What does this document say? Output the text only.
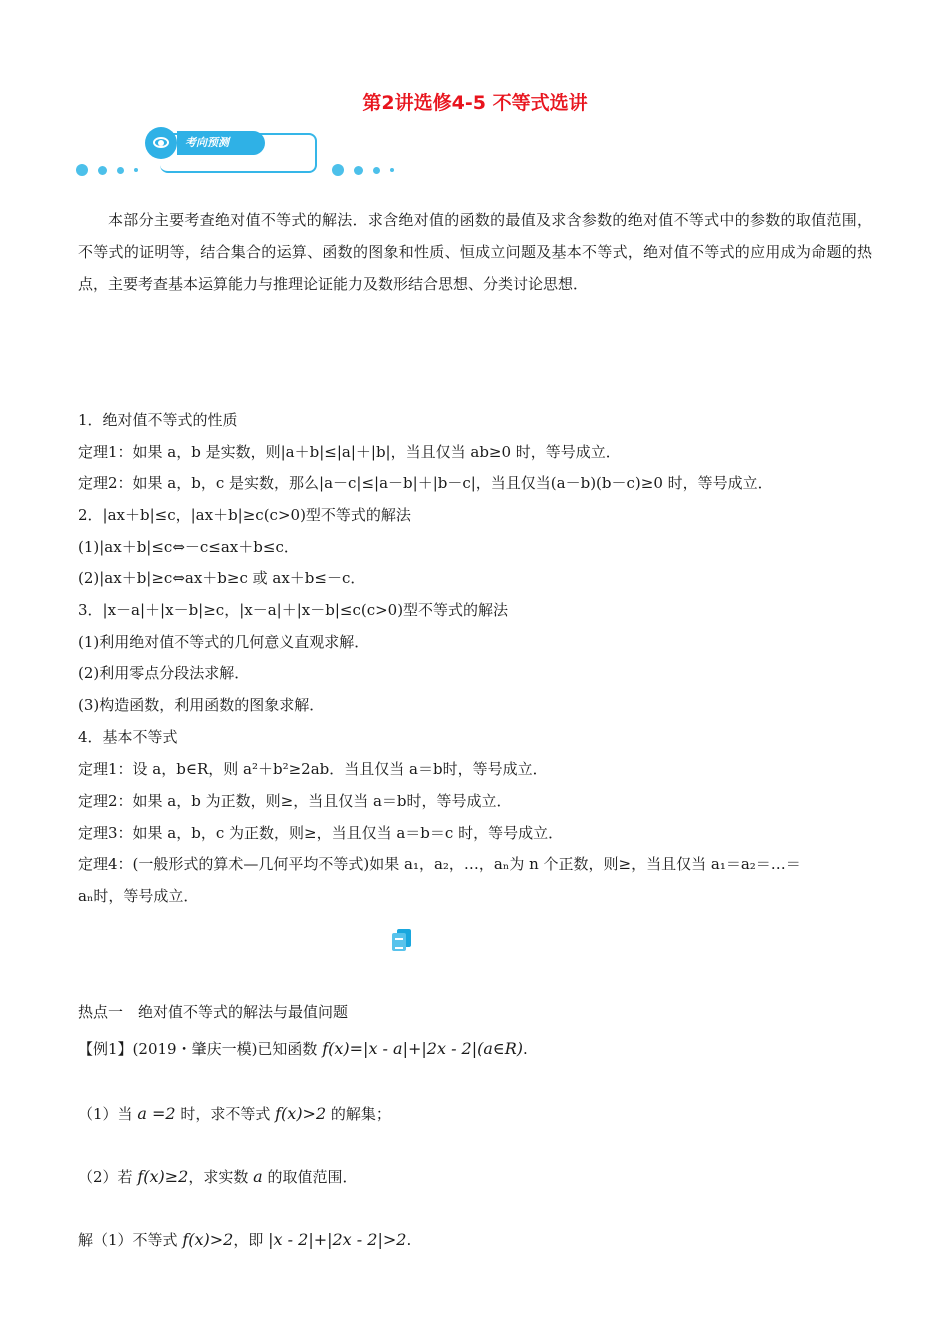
第2讲选修4-5 不等式选讲
考向预测
本部分主要考查绝对值不等式的解法．求含绝对值的函数的最值及求含参数的绝对值不等式中的参数的取值范围，不等式的证明等，结合集合的运算、函数的图象和性质、恒成立问题及基本不等式，绝对值不等式的应用成为命题的热点，主要考查基本运算能力与推理论证能力及数形结合思想、分类讨论思想．
1．绝对值不等式的性质
定理1：如果 a，b 是实数，则|a＋b|≤|a|＋|b|，当且仅当 ab≥0 时，等号成立．
定理2：如果 a，b，c 是实数，那么|a－c|≤|a－b|＋|b－c|，当且仅当(a－b)(b－c)≥0 时，等号成立．
2．|ax＋b|≤c，|ax＋b|≥c(c>0)型不等式的解法
(1)|ax＋b|≤c⇔－c≤ax＋b≤c．
(2)|ax＋b|≥c⇔ax＋b≥c 或 ax＋b≤－c．
3．|x－a|＋|x－b|≥c，|x－a|＋|x－b|≤c(c>0)型不等式的解法
(1)利用绝对值不等式的几何意义直观求解．
(2)利用零点分段法求解．
(3)构造函数，利用函数的图象求解．
4．基本不等式
定理1：设 a，b∈R，则 a²＋b²≥2ab．当且仅当 a＝b时，等号成立．
定理2：如果 a，b 为正数，则≥，当且仅当 a＝b时，等号成立．
定理3：如果 a，b，c 为正数，则≥，当且仅当 a＝b＝c 时，等号成立．
定理4：(一般形式的算术—几何平均不等式)如果 a₁，a₂，…，aₙ为 n 个正数，则≥，当且仅当 a₁＝a₂＝…＝
aₙ时，等号成立．
热点一　绝对值不等式的解法与最值问题
【例1】(2019・肇庆一模)已知函数 f(x)=|x - a|+|2x - 2|(a∈R).
（1）当 a =2 时，求不等式 f(x)>2 的解集；
（2）若 f(x)≥2，求实数 a 的取值范围．
解（1）不等式 f(x)>2，即 |x - 2|+|2x - 2|>2.
